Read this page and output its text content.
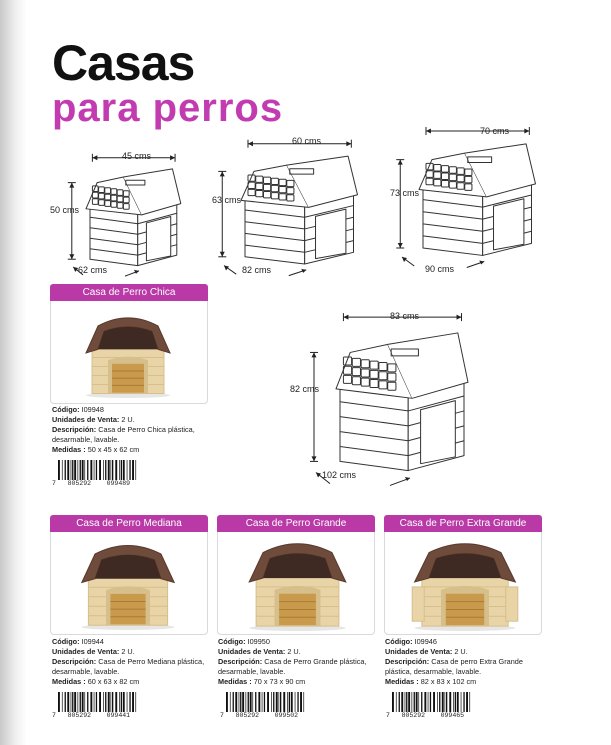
Casas
para perros
45 cms
50 cms
62 cms
60 cms
63 cms
82 cms
70 cms
73 cms
90 cms
83 cms
82 cms
102 cms
Casa de Perro Chica
Código: I09948
Unidades de Venta: 2 U.
Descripción: Casa de Perro Chica plástica, desarmable, lavable.
Medidas : 50 x 45 x 62 cm
7 805292 099489
Casa de Perro Mediana
Código: I09944
Unidades de Venta: 2 U.
Descripción: Casa de Perro Mediana plástica, desarmable, lavable.
Medidas : 60 x 63 x 82 cm
7 805292 099441
Casa de Perro Grande
Código: I09950
Unidades de Venta: 2 U.
Descripción: Casa de Perro Grande plástica, desarmable, lavable.
Medidas : 70 x 73 x 90 cm
7 805292 099502
Casa de Perro Extra Grande
Código: I09946
Unidades de Venta: 2 U.
Descripción: Casa de perro Extra Grande plástica, desarmable, lavable.
Medidas : 82 x 83 x 102 cm
7 805292 099465
